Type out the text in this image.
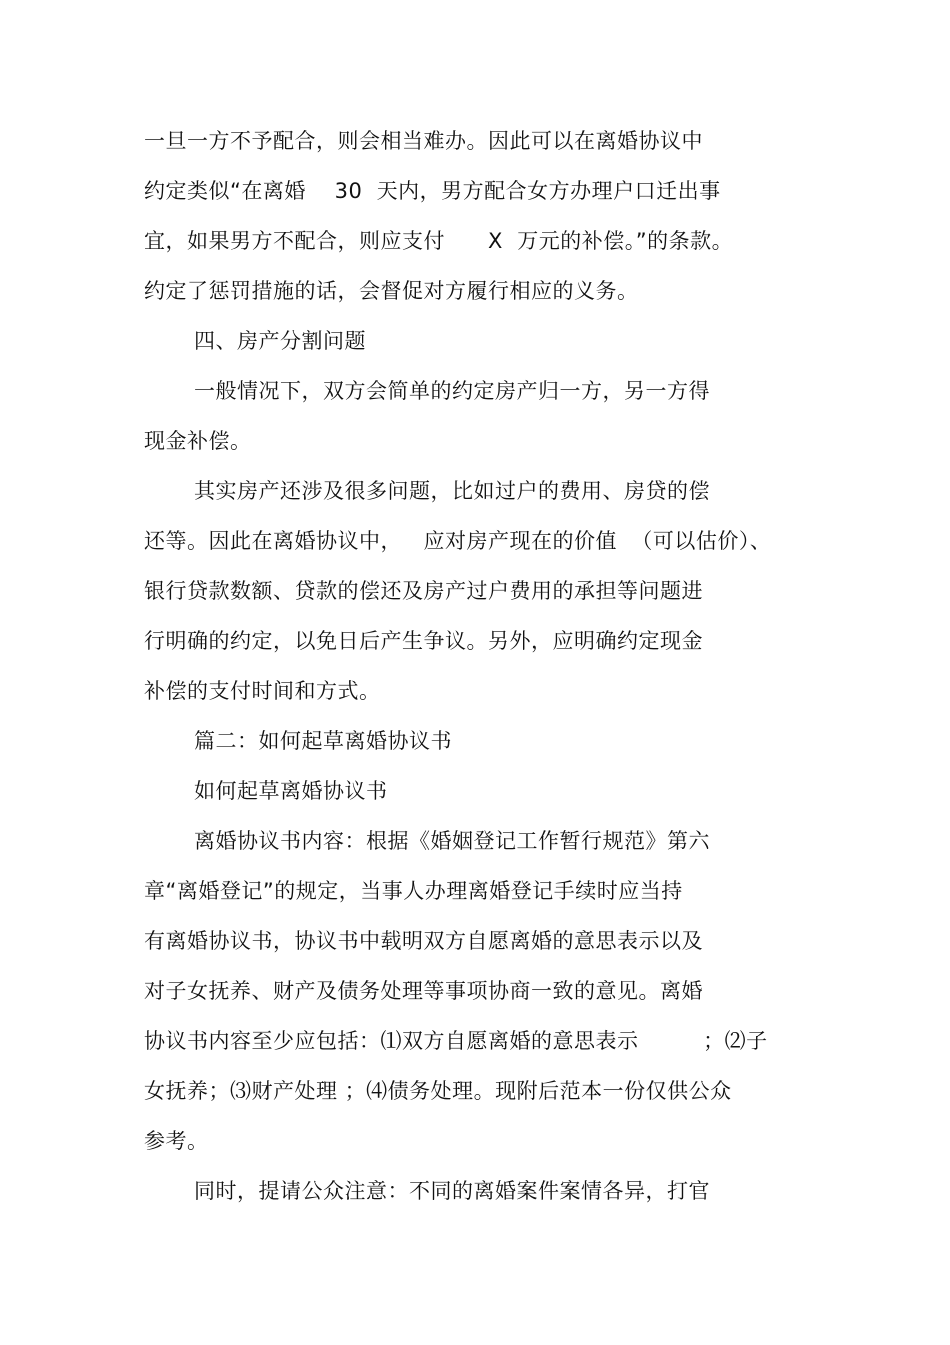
一旦一方不予配合，则会相当难办。因此可以在离婚协议中
约定类似“在离婚    30  天内，男方配合女方办理户口迁出事
宜，如果男方不配合，则应支付      X  万元的补偿。”的条款。
约定了惩罚措施的话，会督促对方履行相应的义务。
四、房产分割问题
一般情况下，双方会简单的约定房产归一方，另一方得
现金补偿。
其实房产还涉及很多问题，比如过户的费用、房贷的偿
还等。因此在离婚协议中，   应对房产现在的价值  （可以估价）、
银行贷款数额、贷款的偿还及房产过户费用的承担等问题进
行明确的约定，以免日后产生争议。另外，应明确约定现金
补偿的支付时间和方式。
篇二：如何起草离婚协议书
如何起草离婚协议书
离婚协议书内容：根据《婚姻登记工作暂行规范》第六
章“离婚登记”的规定，当事人办理离婚登记手续时应当持
有离婚协议书，协议书中载明双方自愿离婚的意思表示以及
对子女抚养、财产及债务处理等事项协商一致的意见。离婚
协议书内容至少应包括：⑴双方自愿离婚的意思表示         ；⑵子
女抚养；⑶财产处理 ；⑷债务处理。现附后范本一份仅供公众
参考。
同时，提请公众注意：不同的离婚案件案情各异，打官
